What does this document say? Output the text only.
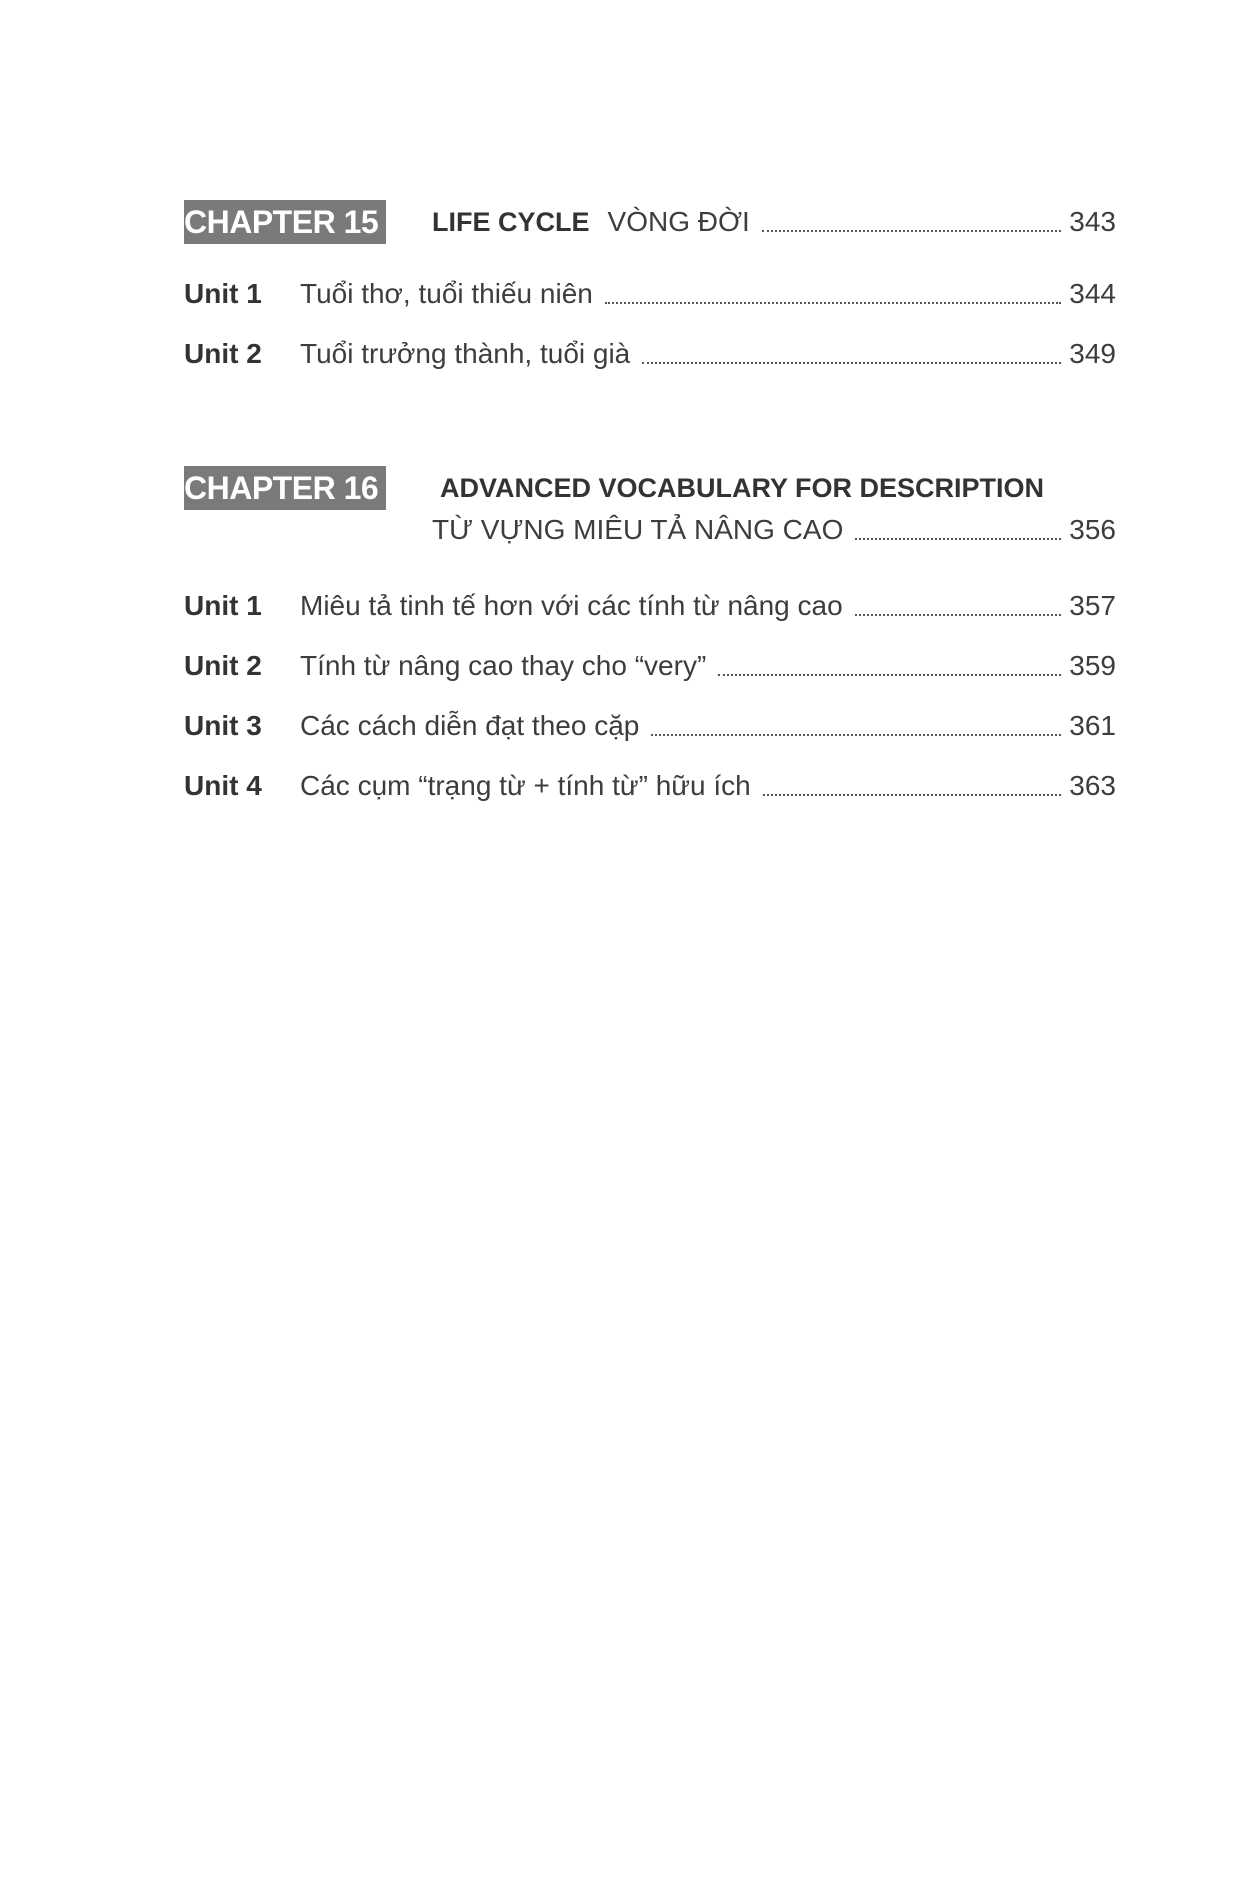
CHAPTER 15 LIFE CYCLE VÒNG ĐỜI	343
Unit 1	Tuổi thơ, tuổi thiếu niên	344
Unit 2	Tuổi trưởng thành, tuổi già	349
CHAPTER 16 ADVANCED VOCABULARY FOR DESCRIPTION
TỪ VỰNG MIÊU TẢ NÂNG CAO	356
Unit 1	Miêu tả tinh tế hơn với các tính từ nâng cao	357
Unit 2	Tính từ nâng cao thay cho “very”	359
Unit 3	Các cách diễn đạt theo cặp	361
Unit 4	Các cụm “trạng từ + tính từ” hữu ích	363
